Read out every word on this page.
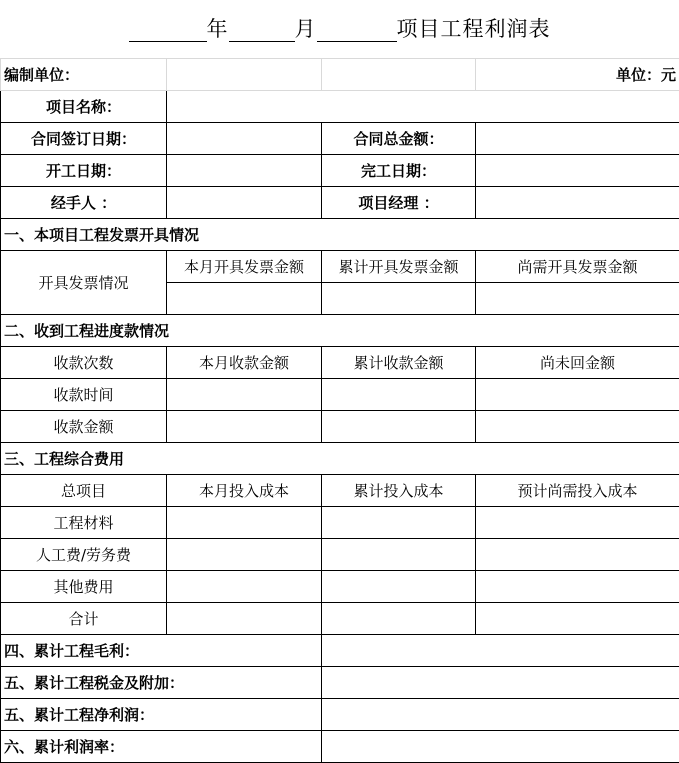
年	月	项目工程利润表
编制单位：			单位：元
项目名称：			
合同签订日期：		合同总金额：	
开工日期：		完工日期：	
经手人 ：		项目经理 ：	
一、本项目工程发票开具情况			
开具发票情况	本月开具发票金额	累计开具发票金额	尚需开具发票金额

二、收到工程进度款情况			
收款次数	本月收款金额	累计收款金额	尚未回金额
收款时间			
收款金额			
三、工程综合费用			
总项目	本月投入成本	累计投入成本	预计尚需投入成本
工程材料			
人工费/劳务费			
其他费用			
合计			
四、累计工程毛利：			
五、累计工程税金及附加：			
五、累计工程净利润：			
六、累计利润率：			
